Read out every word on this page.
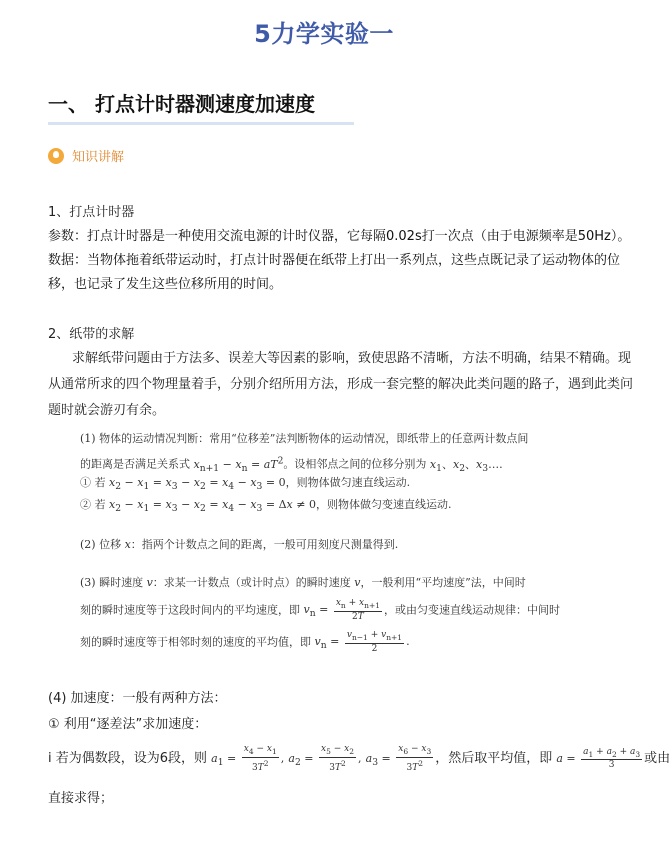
5力学实验一
一、 打点计时器测速度加速度
知识讲解
1、打点计时器
参数：打点计时器是一种使用交流电源的计时仪器，它每隔0.02s打一次点（由于电源频率是50Hz）。
数据：当物体拖着纸带运动时，打点计时器便在纸带上打出一系列点，这些点既记录了运动物体的位
移，也记录了发生这些位移所用的时间。
2、纸带的求解
求解纸带问题由于方法多、误差大等因素的影响，致使思路不清晰，方法不明确，结果不精确。现
从通常所求的四个物理量着手，分别介绍所用方法，形成一套完整的解决此类问题的路子，遇到此类问
题时就会游刃有余。
(1) 物体的运动情况判断：常用“位移差”法判断物体的运动情况，即纸带上的任意两计数点间
的距离是否满足关系式 $x_{n+1} - x_n = aT^2$。设相邻点之间的位移分别为 $x_1$、$x_2$、$x_3\dots$.
① 若 $x_2 - x_1 = x_3 - x_2 = x_4 - x_3 = 0$，则物体做匀速直线运动.
② 若 $x_2 - x_1 = x_3 - x_2 = x_4 - x_3 = \Delta x \ne 0$，则物体做匀变速直线运动.
(2) 位移 x：指两个计数点之间的距离，一般可用刻度尺测量得到.
(3) 瞬时速度 v：求某一计数点（或计时点）的瞬时速度 v，一般利用“平均速度”法，中间时
刻的瞬时速度等于这段时间内的平均速度，即 $v_n = \frac{x_n + x_{n+1}}{2T}$ ，或由匀变速直线运动规律：中间时
刻的瞬时速度等于相邻时刻的速度的平均值，即 $v_n = \frac{v_{n-1} + v_{n+1}}{2}$ .
(4) 加速度：一般有两种方法：
① 利用“逐差法”求加速度：
ⅰ 若为偶数段，设为6段，则 $a_1 = \frac{x_4 - x_1}{3T^2}$ , $a_2 = \frac{x_5 - x_2}{3T^2}$ , $a_3 = \frac{x_6 - x_3}{3T^2}$ ，然后取平均值，即 $a = \frac{a_1 + a_2 + a_3}{3}$ 或由
直接求得；
